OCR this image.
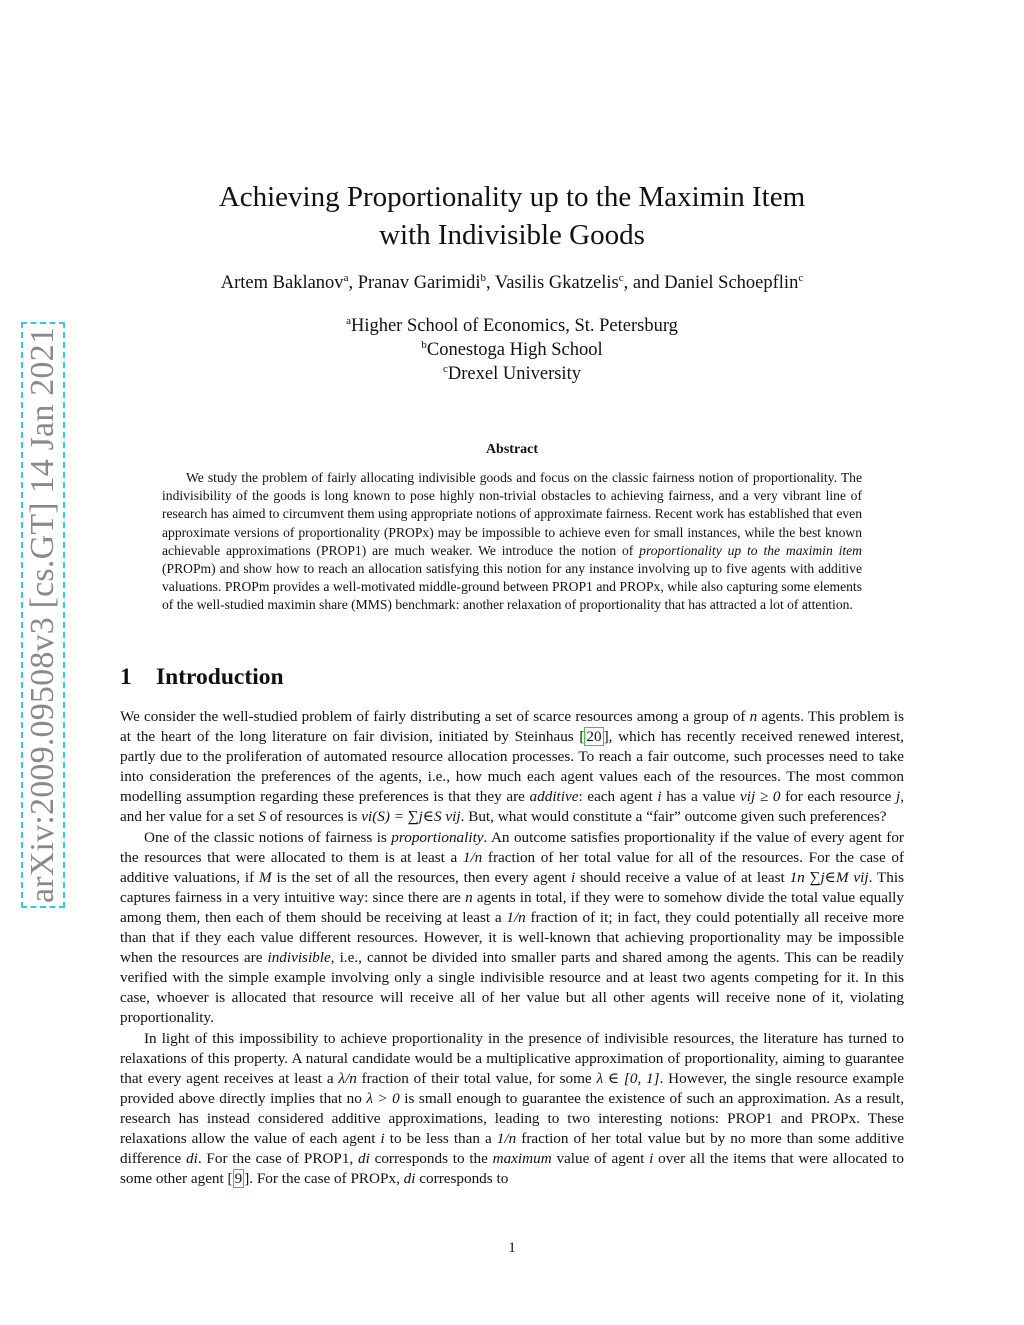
arXiv:2009.09508v3 [cs.GT] 14 Jan 2021
Achieving Proportionality up to the Maximin Item
with Indivisible Goods
Artem Baklanov$^a$, Pranav Garimidi$^b$, Vasilis Gkatzelis$^c$, and Daniel Schoepflin$^c$
$^a$Higher School of Economics, St. Petersburg
$^b$Conestoga High School
$^c$Drexel University
Abstract

We study the problem of fairly allocating indivisible goods and focus on the classic fairness notion of proportionality. The indivisibility of the goods is long known to pose highly non-trivial obstacles to achieving fairness, and a very vibrant line of research has aimed to circumvent them using appropriate notions of approximate fairness. Recent work has established that even approximate versions of proportionality (PROPx) may be impossible to achieve even for small instances, while the best known achievable approximations (PROP1) are much weaker. We introduce the notion of proportionality up to the maximin item (PROPm) and show how to reach an allocation satisfying this notion for any instance involving up to five agents with additive valuations. PROPm provides a well-motivated middle-ground between PROP1 and PROPx, while also capturing some elements of the well-studied maximin share (MMS) benchmark: another relaxation of proportionality that has attracted a lot of attention.

1 Introduction

We consider the well-studied problem of fairly distributing a set of scarce resources among a group of n agents. This problem is at the heart of the long literature on fair division, initiated by Steinhaus [ 20 ], which has recently received renewed interest, partly due to the proliferation of automated resource allocation processes. To reach a fair outcome, such processes need to take into consideration the preferences of the agents, i.e., how much each agent values each of the resources. The most common modelling assumption regarding these preferences is that they are additive: each agent i has a value vij ≥ 0 for each resource j, and her value for a set S of resources is vi(S) = ∑j∈S vij. But, what would constitute a “fair” outcome given such preferences?

One of the classic notions of fairness is proportionality. An outcome satisfies proportionality if the value of every agent for the resources that were allocated to them is at least a 1/n fraction of her total value for all of the resources. For the case of additive valuations, if M is the set of all the resources, then every agent i should receive a value of at least 1n ∑j∈M vij. This captures fairness in a very intuitive way: since there are n agents in total, if they were to somehow divide the total value equally among them, then each of them should be receiving at least a 1/n fraction of it; in fact, they could potentially all receive more than that if they each value different resources. However, it is well-known that achieving proportionality may be impossible when the resources are indivisible, i.e., cannot be divided into smaller parts and shared among the agents. This can be readily verified with the simple example involving only a single indivisible resource and at least two agents competing for it. In this case, whoever is allocated that resource will receive all of her value but all other agents will receive none of it, violating proportionality.

In light of this impossibility to achieve proportionality in the presence of indivisible resources, the literature has turned to relaxations of this property. A natural candidate would be a multiplicative approximation of proportionality, aiming to guarantee that every agent receives at least a λ/n fraction of their total value, for some λ ∈ [0, 1]. However, the single resource example provided above directly implies that no λ > 0 is small enough to guarantee the existence of such an approximation. As a result, research has instead considered additive approximations, leading to two interesting notions: PROP1 and PROPx. These relaxations allow the value of each agent i to be less than a 1/n fraction of her total value but by no more than some additive difference di. For the case of PROP1, di corresponds to the maximum value of agent i over all the items that were allocated to some other agent [ 9 ]. For the case of PROPx, di corresponds to

1
